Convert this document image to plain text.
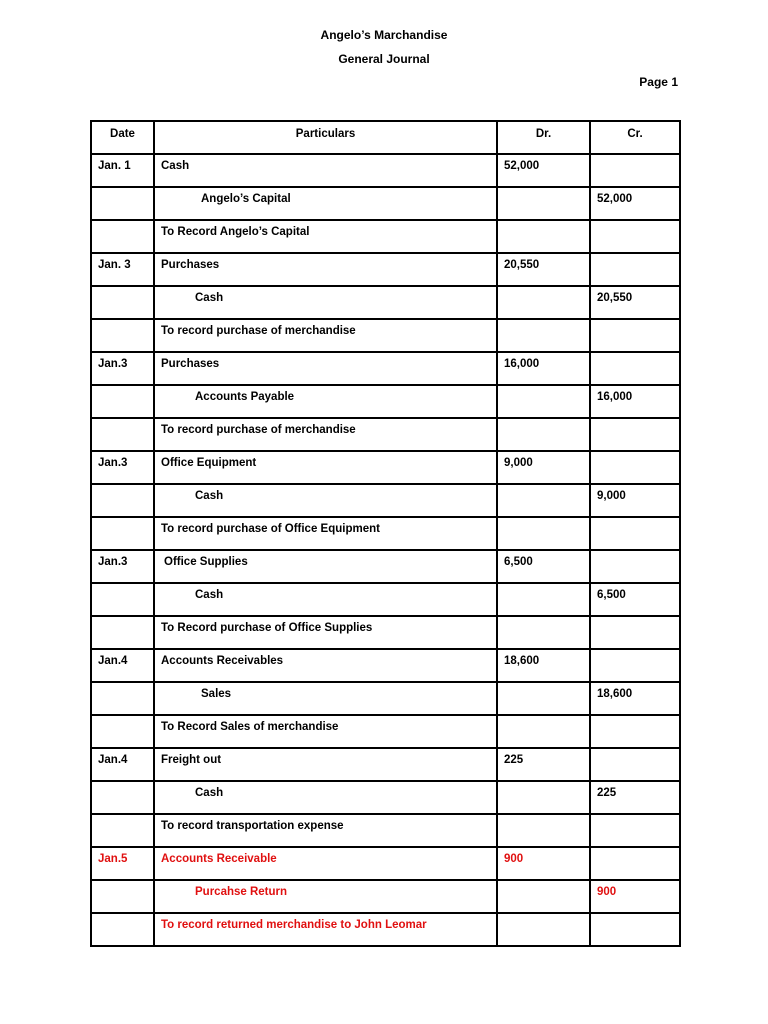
Angelo’s Marchandise
General Journal
Page 1
Date	Particulars	Dr.	Cr.
Jan. 1	Cash	52,000	
	Angelo’s Capital		52,000
	To Record Angelo’s Capital		
Jan. 3	Purchases	20,550	
	Cash		20,550
	To record purchase of merchandise		
Jan.3	Purchases	16,000	
	Accounts Payable		16,000
	To record purchase of merchandise		
Jan.3	Office Equipment	9,000	
	Cash		9,000
	To record purchase of Office Equipment		
Jan.3	Office Supplies	6,500	
	Cash		6,500
	To Record purchase of Office Supplies		
Jan.4	Accounts Receivables	18,600	
	Sales		18,600
	To Record Sales of merchandise		
Jan.4	Freight out	225	
	Cash		225
	To record transportation expense		
Jan.5	Accounts Receivable	900	
	Purcahse Return		900
	To record returned merchandise to John Leomar		
